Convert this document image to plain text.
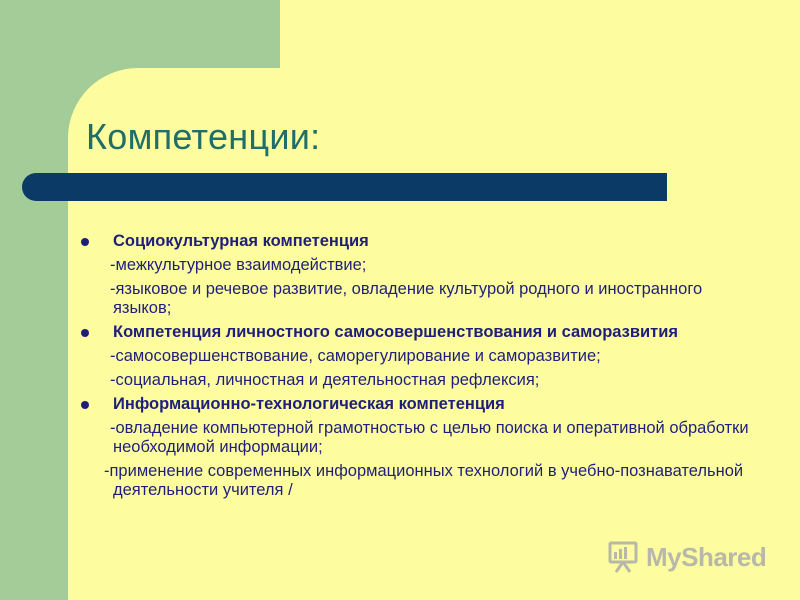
Компетенции:
Социокультурная компетенция
-межкультурное взаимодействие;
-языковое и речевое развитие, овладение культурой родного и иностранного языков;
Компетенция личностного самосовершенствования и саморазвития
-самосовершенствование, саморегулирование и саморазвитие;
-социальная, личностная и деятельностная рефлексия;
Информационно-технологическая компетенция
-овладение компьютерной грамотностью с целью поиска и оперативной обработки необходимой информации;
-применение современных информационных технологий в учебно-познавательной деятельности учителя /
MyShared
